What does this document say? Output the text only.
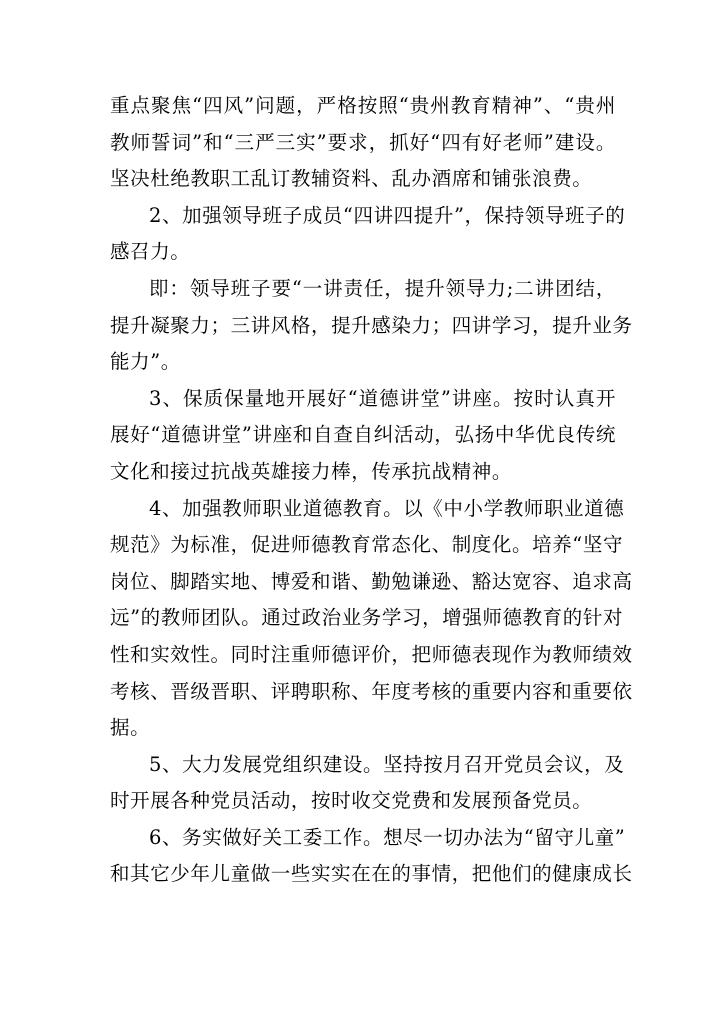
重点聚焦“四风”问题，严格按照“贵州教育精神”、“贵州
教师誓词”和“三严三实”要求，抓好“四有好老师”建设。
坚决杜绝教职工乱订教辅资料、乱办酒席和铺张浪费。
2、加强领导班子成员“四讲四提升”，保持领导班子的
感召力。
即：领导班子要“一讲责任，提升领导力;二讲团结，
提升凝聚力；三讲风格，提升感染力；四讲学习，提升业务
能力”。
3、保质保量地开展好“道德讲堂”讲座。按时认真开
展好“道德讲堂”讲座和自查自纠活动，弘扬中华优良传统
文化和接过抗战英雄接力棒，传承抗战精神。
4、加强教师职业道德教育。以《中小学教师职业道德
规范》为标准，促进师德教育常态化、制度化。培养“坚守
岗位、脚踏实地、博爱和谐、勤勉谦逊、豁达宽容、追求高
远”的教师团队。通过政治业务学习，增强师德教育的针对
性和实效性。同时注重师德评价，把师德表现作为教师绩效
考核、晋级晋职、评聘职称、年度考核的重要内容和重要依
据。
5、大力发展党组织建设。坚持按月召开党员会议，及
时开展各种党员活动，按时收交党费和发展预备党员。
6、务实做好关工委工作。想尽一切办法为“留守儿童”
和其它少年儿童做一些实实在在的事情，把他们的健康成长
